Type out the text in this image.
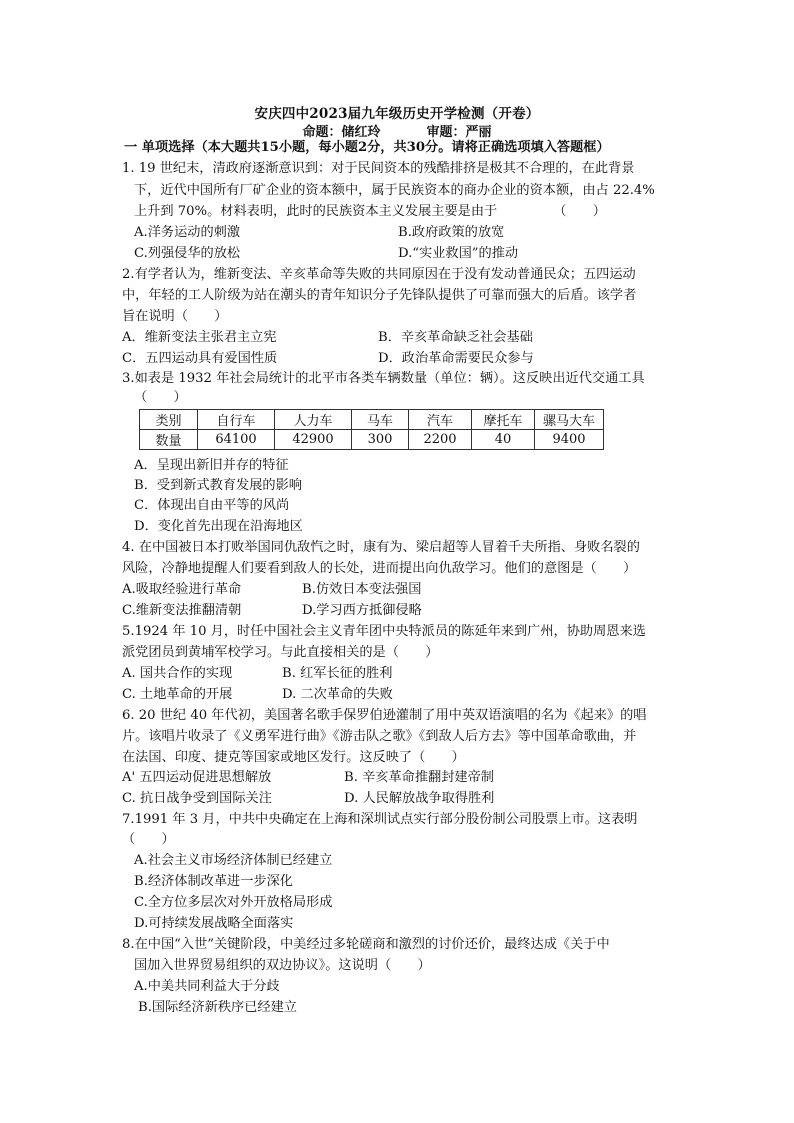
安庆四中2023届九年级历史开学检测（开卷）
命题：储红玲	审题：严丽
一 单项选择（本大题共15小题，每小题2分，共30分。请将正确选项填入答题框）
1. 19 世纪末，清政府逐渐意识到：对于民间资本的残酷排挤是极其不合理的，在此背景
下，近代中国所有厂矿企业的资本额中，属于民族资本的商办企业的资本额，由占 22.4%
上升到 70%。材料表明，此时的民族资本主义发展主要是由于	（　　）
A.洋务运动的刺激	B.政府政策的放宽
C.列强侵华的放松	D.“实业救国”的推动
2.有学者认为，维新变法、辛亥革命等失败的共同原因在于没有发动普通民众；五四运动
中，年轻的工人阶级为站在潮头的青年知识分子先锋队提供了可靠而强大的后盾。该学者
旨在说明（　　）
A．维新变法主张君主立宪	B．辛亥革命缺乏社会基础
C．五四运动具有爱国性质	D．政治革命需要民众参与
3.如表是 1932 年社会局统计的北平市各类车辆数量（单位：辆）。这反映出近代交通工具
（　　）
类别	自行车	人力车	马车	汽车	摩托车	骡马大车
数量	64100	42900	300	2200	40	9400
A．呈现出新旧并存的特征
B．受到新式教育发展的影响
C．体现出自由平等的风尚
D．变化首先出现在沿海地区
4. 在中国被日本打败举国同仇敌忾之时，康有为、梁启超等人冒着千夫所指、身败名裂的
风险，冷静地提醒人们要看到敌人的长处，进而提出向仇敌学习。他们的意图是（　　）
A.吸取经验进行革命	B.仿效日本变法强国
C.维新变法推翻清朝	D.学习西方抵御侵略
5.1924 年 10 月，时任中国社会主义青年团中央特派员的陈延年来到广州，协助周恩来选
派党团员到黄埔军校学习。与此直接相关的是（　　）
A. 国共合作的实现	B. 红军长征的胜利
C. 土地革命的开展	D. 二次革命的失败
6. 20 世纪 40 年代初，美国著名歌手保罗伯逊灌制了用中英双语演唱的名为《起来》的唱
片。该唱片收录了《义勇军进行曲》《游击队之歌》《到敌人后方去》等中国革命歌曲，并
在法国、印度、捷克等国家或地区发行。这反映了（　　）
A' 五四运动促进思想解放	B. 辛亥革命推翻封建帝制
C. 抗日战争受到国际关注	D. 人民解放战争取得胜利
7.1991 年 3 月，中共中央确定在上海和深圳试点实行部分股份制公司股票上市。这表明
（　　）
A.社会主义市场经济体制已经建立
B.经济体制改革进一步深化
C.全方位多层次对外开放格局形成
D.可持续发展战略全面落实
8.在中国“入世”关键阶段，中美经过多轮磋商和激烈的讨价还价，最终达成《关于中
国加入世界贸易组织的双边协议》。这说明（　　）
A.中美共同利益大于分歧
B.国际经济新秩序已经建立
